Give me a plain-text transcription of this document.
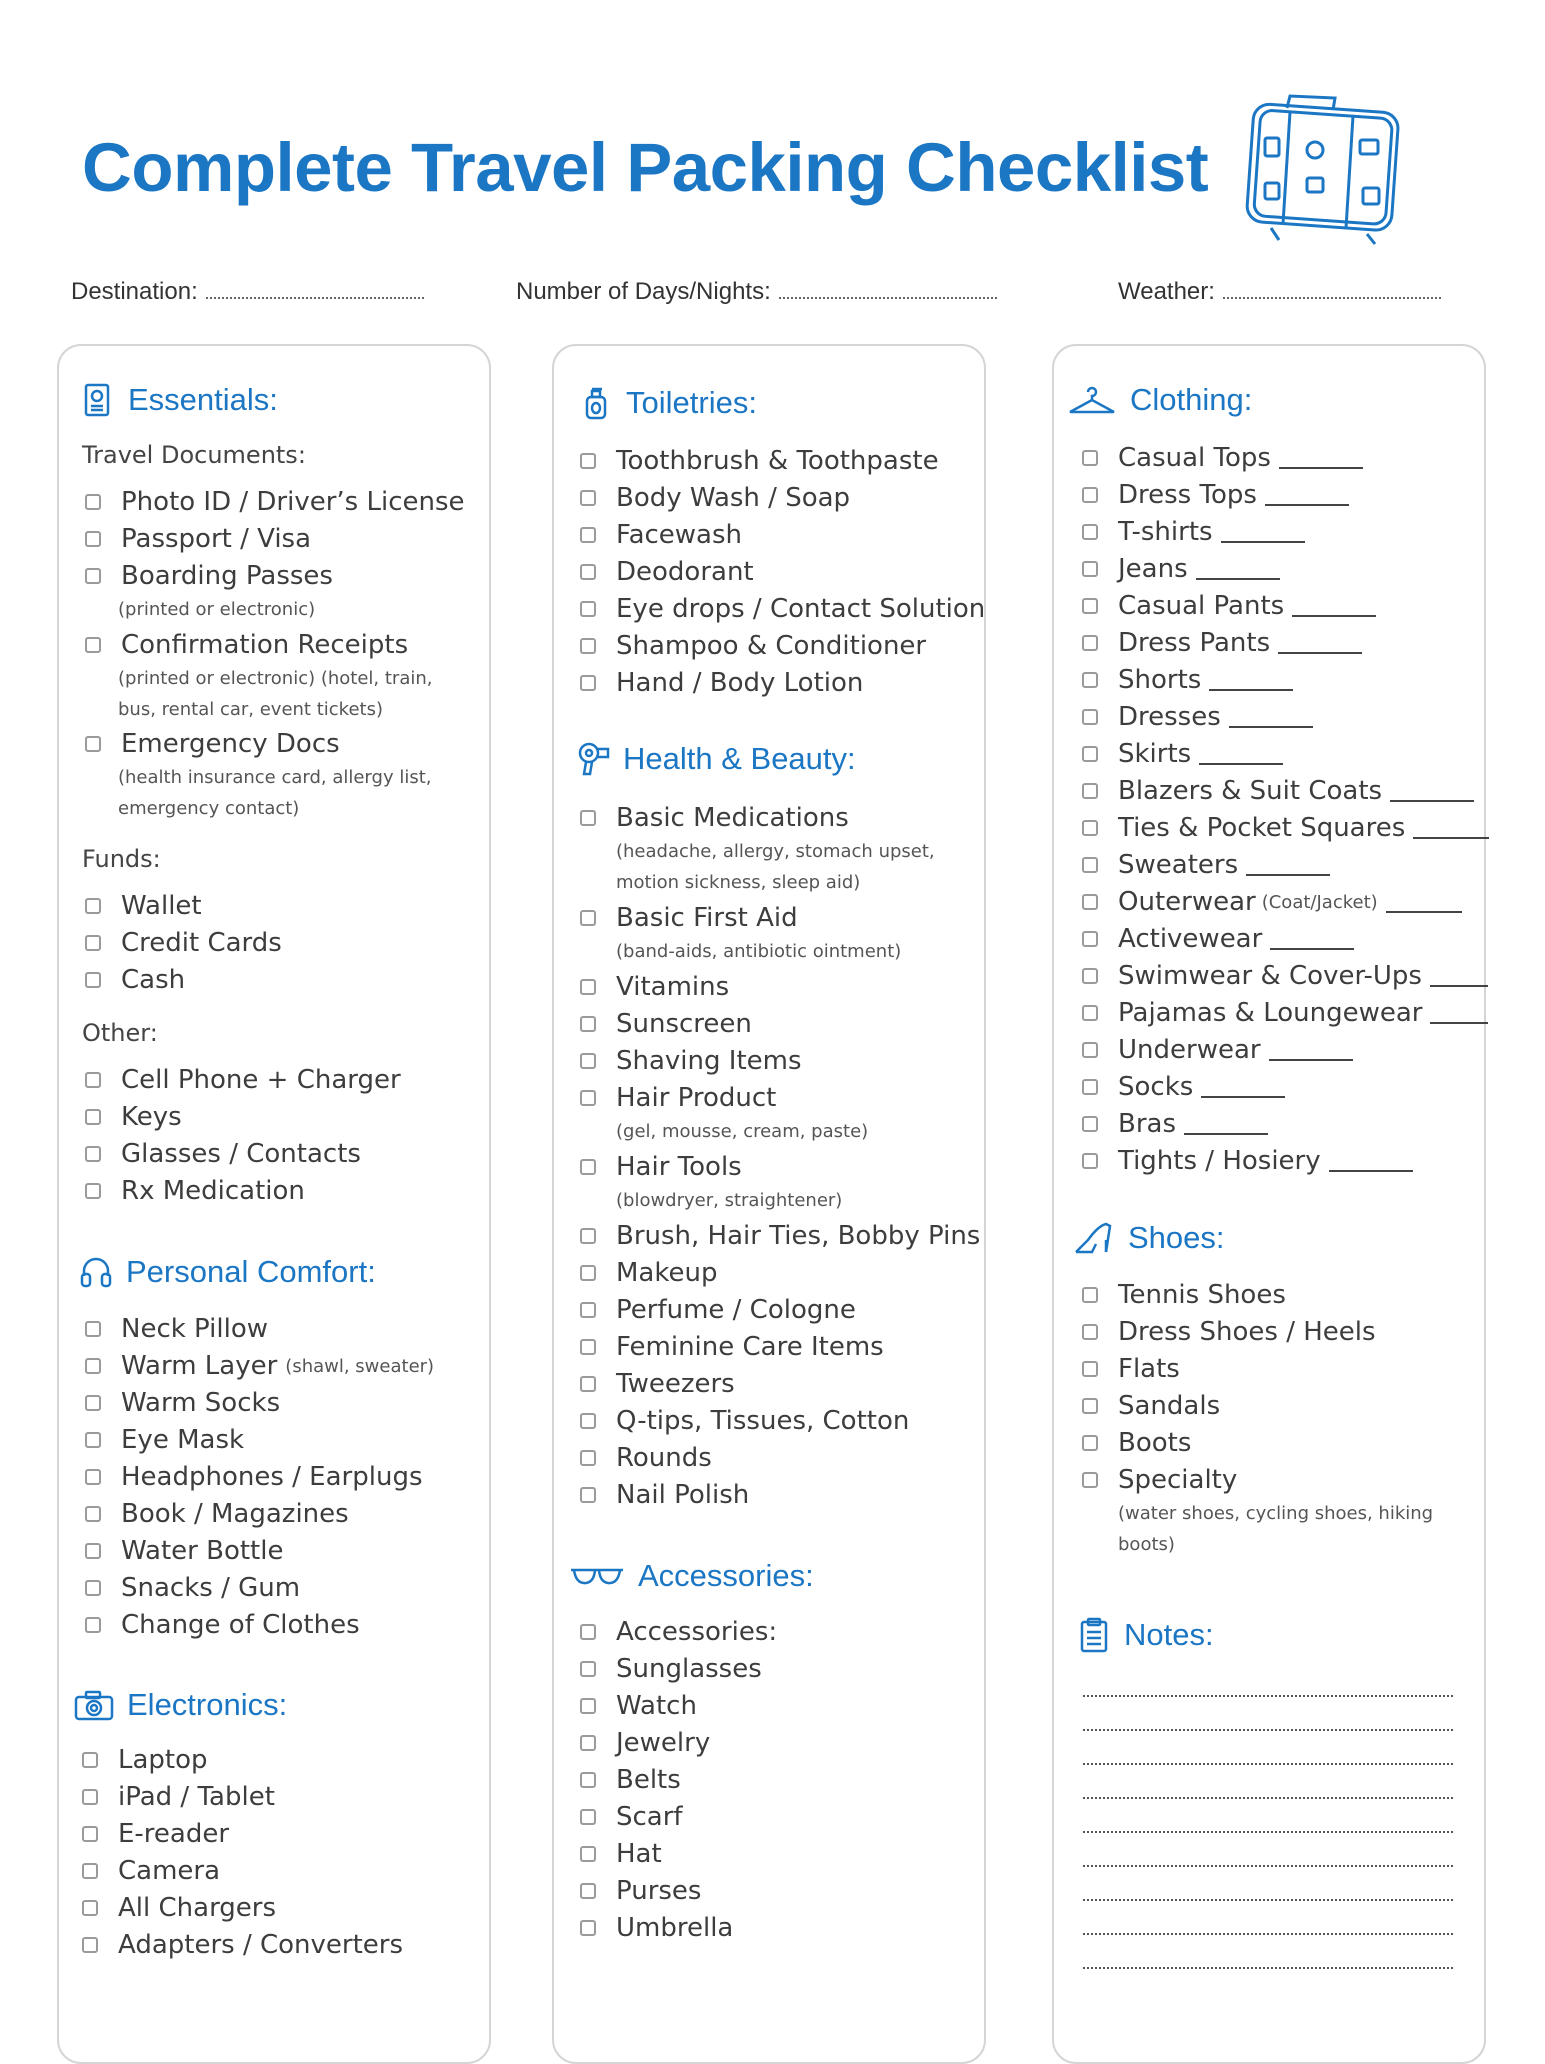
Complete Travel Packing Checklist
Destination:	Number of Days/Nights:	Weather:
Essentials:
Travel Documents:
Photo ID / Driver’s License
Passport / Visa
Boarding Passes
(printed or electronic)
Confirmation Receipts
(printed or electronic) (hotel, train,
bus, rental car, event tickets)
Emergency Docs
(health insurance card, allergy list,
emergency contact)
Funds:
Wallet
Credit Cards
Cash
Other:
Cell Phone + Charger
Keys
Glasses / Contacts
Rx Medication
Personal Comfort:
Neck Pillow
Warm Layer (shawl, sweater)
Warm Socks
Eye Mask
Headphones / Earplugs
Book / Magazines
Water Bottle
Snacks / Gum
Change of Clothes
Electronics:
Laptop
iPad / Tablet
E-reader
Camera
All Chargers
Adapters / Converters
Toiletries:
Toothbrush & Toothpaste
Body Wash / Soap
Facewash
Deodorant
Eye drops / Contact Solution
Shampoo & Conditioner
Hand / Body Lotion
Health & Beauty:
Basic Medications
(headache, allergy, stomach upset,
motion sickness, sleep aid)
Basic First Aid
(band-aids, antibiotic ointment)
Vitamins
Sunscreen
Shaving Items
Hair Product
(gel, mousse, cream, paste)
Hair Tools
(blowdryer, straightener)
Brush, Hair Ties, Bobby Pins
Makeup
Perfume / Cologne
Feminine Care Items
Tweezers
Q-tips, Tissues, Cotton
Rounds
Nail Polish
Accessories:
Accessories:
Sunglasses
Watch
Jewelry
Belts
Scarf
Hat
Purses
Umbrella
Clothing:
Casual Tops
Dress Tops
T-shirts
Jeans
Casual Pants
Dress Pants
Shorts
Dresses
Skirts
Blazers & Suit Coats
Ties & Pocket Squares
Sweaters
Outerwear (Coat/Jacket)
Activewear
Swimwear & Cover-Ups
Pajamas & Loungewear
Underwear
Socks
Bras
Tights / Hosiery
Shoes:
Tennis Shoes
Dress Shoes / Heels
Flats
Sandals
Boots
Specialty
(water shoes, cycling shoes, hiking
boots)
Notes:
